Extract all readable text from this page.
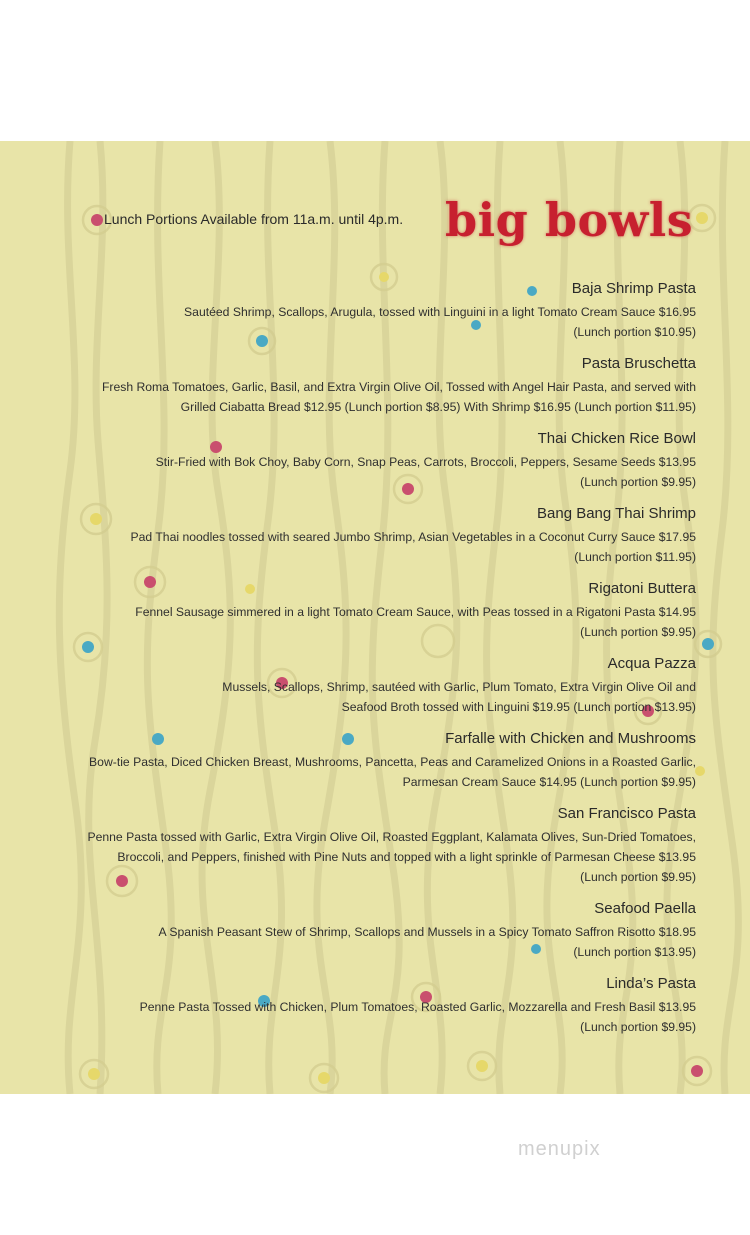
Lunch Portions Available from 11a.m. until 4p.m. big bowls
Baja Shrimp Pasta
Sautéed Shrimp, Scallops, Arugula, tossed with Linguini in a light Tomato Cream Sauce $16.95
(Lunch portion $10.95)
Pasta Bruschetta
Fresh Roma Tomatoes, Garlic, Basil, and Extra Virgin Olive Oil, Tossed with Angel Hair Pasta, and served with
Grilled Ciabatta Bread $12.95 (Lunch portion $8.95) With Shrimp $16.95 (Lunch portion $11.95)
Thai Chicken Rice Bowl
Stir-Fried with Bok Choy, Baby Corn, Snap Peas, Carrots, Broccoli, Peppers, Sesame Seeds $13.95
(Lunch portion $9.95)
Bang Bang Thai Shrimp
Pad Thai noodles tossed with seared Jumbo Shrimp, Asian Vegetables in a Coconut Curry Sauce $17.95
(Lunch portion $11.95)
Rigatoni Buttera
Fennel Sausage simmered in a light Tomato Cream Sauce, with Peas tossed in a Rigatoni Pasta $14.95
(Lunch portion $9.95)
Acqua Pazza
Mussels, Scallops, Shrimp, sautéed with Garlic, Plum Tomato, Extra Virgin Olive Oil and
Seafood Broth tossed with Linguini $19.95 (Lunch portion $13.95)
Farfalle with Chicken and Mushrooms
Bow-tie Pasta, Diced Chicken Breast, Mushrooms, Pancetta, Peas and Caramelized Onions in a Roasted Garlic,
Parmesan Cream Sauce $14.95 (Lunch portion $9.95)
San Francisco Pasta
Penne Pasta tossed with Garlic, Extra Virgin Olive Oil, Roasted Eggplant, Kalamata Olives, Sun-Dried Tomatoes,
Broccoli, and Peppers, finished with Pine Nuts and topped with a light sprinkle of Parmesan Cheese $13.95
(Lunch portion $9.95)
Seafood Paella
A Spanish Peasant Stew of Shrimp, Scallops and Mussels in a Spicy Tomato Saffron Risotto $18.95
(Lunch portion $13.95)
Linda’s Pasta
Penne Pasta Tossed with Chicken, Plum Tomatoes, Roasted Garlic, Mozzarella and Fresh Basil $13.95
(Lunch portion $9.95)
menupix
